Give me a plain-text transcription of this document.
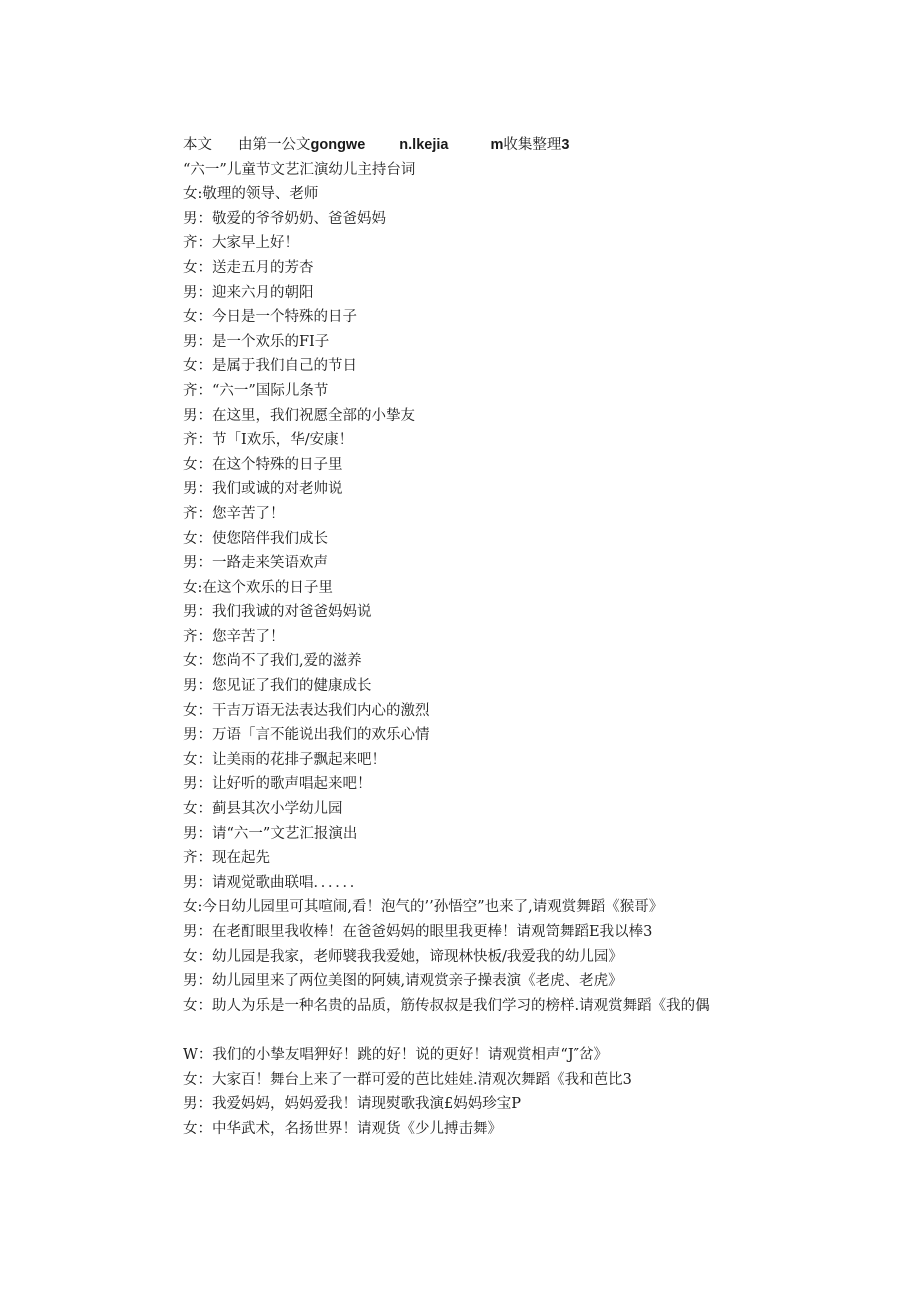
本文 由第一公文 gongwe n.lkejia	m 收集整理 3
“六一”儿童节文艺汇演幼儿主持台词
女:敬理的领导、老师
男：敬爱的爷爷奶奶、爸爸妈妈
齐：大家早上好！
女：送走五月的芳杏
男：迎来六月的朝阳
女：今日是一个特殊的日子
男：是一个欢乐的FI子
女：是属于我们自己的节日
齐：“六一”国际儿条节
男：在这里，我们祝愿全部的小挚友
齐：节「I欢乐，华/安康！
女：在这个特殊的日子里
男：我们或诚的对老帅说
齐：您辛苦了！
女：使您陪伴我们成长
男：一路走来笑语欢声
女:在这个欢乐的日子里
男：我们我诚的对爸爸妈妈说
齐：您辛苦了！
女：您尚不了我们,爱的滋养
男：您见证了我们的健康成长
女：干吉万语无法表达我们内心的激烈
男：万语「言不能说出我们的欢乐心情
女：让美雨的花排子飘起来吧！
男：让好听的歌声唱起来吧！
女：蓟县其次小学幼儿园
男：请“六一”文艺汇报演出
齐：现在起先
男：请观觉歌曲联唱．．．．．．
女:今日幼儿园里可其喧闹,看！泡气的’’孙悟空”也来了,请观赏舞蹈《猴哥》
男：在老酊眼里我收棒！在爸爸妈妈的眼里我更棒！请观笥舞蹈E我以棒3
女：幼儿园是我家，老师襞我我爱她，谛现林快板/我爱我的幼儿园》
男：幼儿园里来了两位美图的阿姨,请观赏亲子操表演《老虎、老虎》
女：助人为乐是一种名贵的品质，筋传叔叔是我们学习的榜样.请观赏舞蹈《我的偶
W：我们的小挚友唱狎好！跳的好！说的更好！请观赏相声“J″岔》
女：大家百！舞台上来了一群可爱的芭比娃娃.清观次舞蹈《我和芭比3
男：我爱妈妈，妈妈爱我！请现熨歌我演£妈妈珍宝P
女：中华武术，名扬世界！请观货《少儿搏击舞》
